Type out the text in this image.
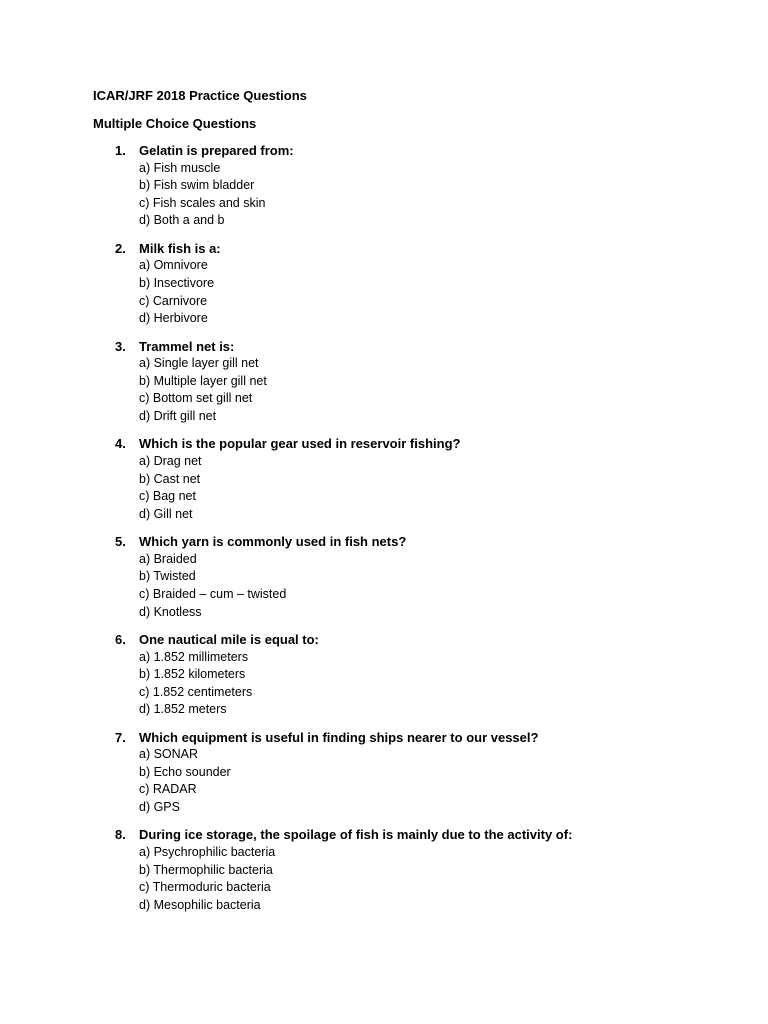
ICAR/JRF 2018 Practice Questions
Multiple Choice Questions
1. Gelatin is prepared from:
a) Fish muscle
b) Fish swim bladder
c) Fish scales and skin
d) Both a and b
2. Milk fish is a:
a) Omnivore
b) Insectivore
c) Carnivore
d) Herbivore
3. Trammel net is:
a) Single layer gill net
b) Multiple layer gill net
c) Bottom set gill net
d) Drift gill net
4. Which is the popular gear used in reservoir fishing?
a) Drag net
b) Cast net
c) Bag net
d) Gill net
5. Which yarn is commonly used in fish nets?
a) Braided
b) Twisted
c) Braided – cum – twisted
d) Knotless
6. One nautical mile is equal to:
a) 1.852 millimeters
b) 1.852 kilometers
c) 1.852 centimeters
d) 1.852 meters
7. Which equipment is useful in finding ships nearer to our vessel?
a) SONAR
b) Echo sounder
c) RADAR
d) GPS
8. During ice storage, the spoilage of fish is mainly due to the activity of:
a) Psychrophilic bacteria
b) Thermophilic bacteria
c) Thermoduric bacteria
d) Mesophilic bacteria
